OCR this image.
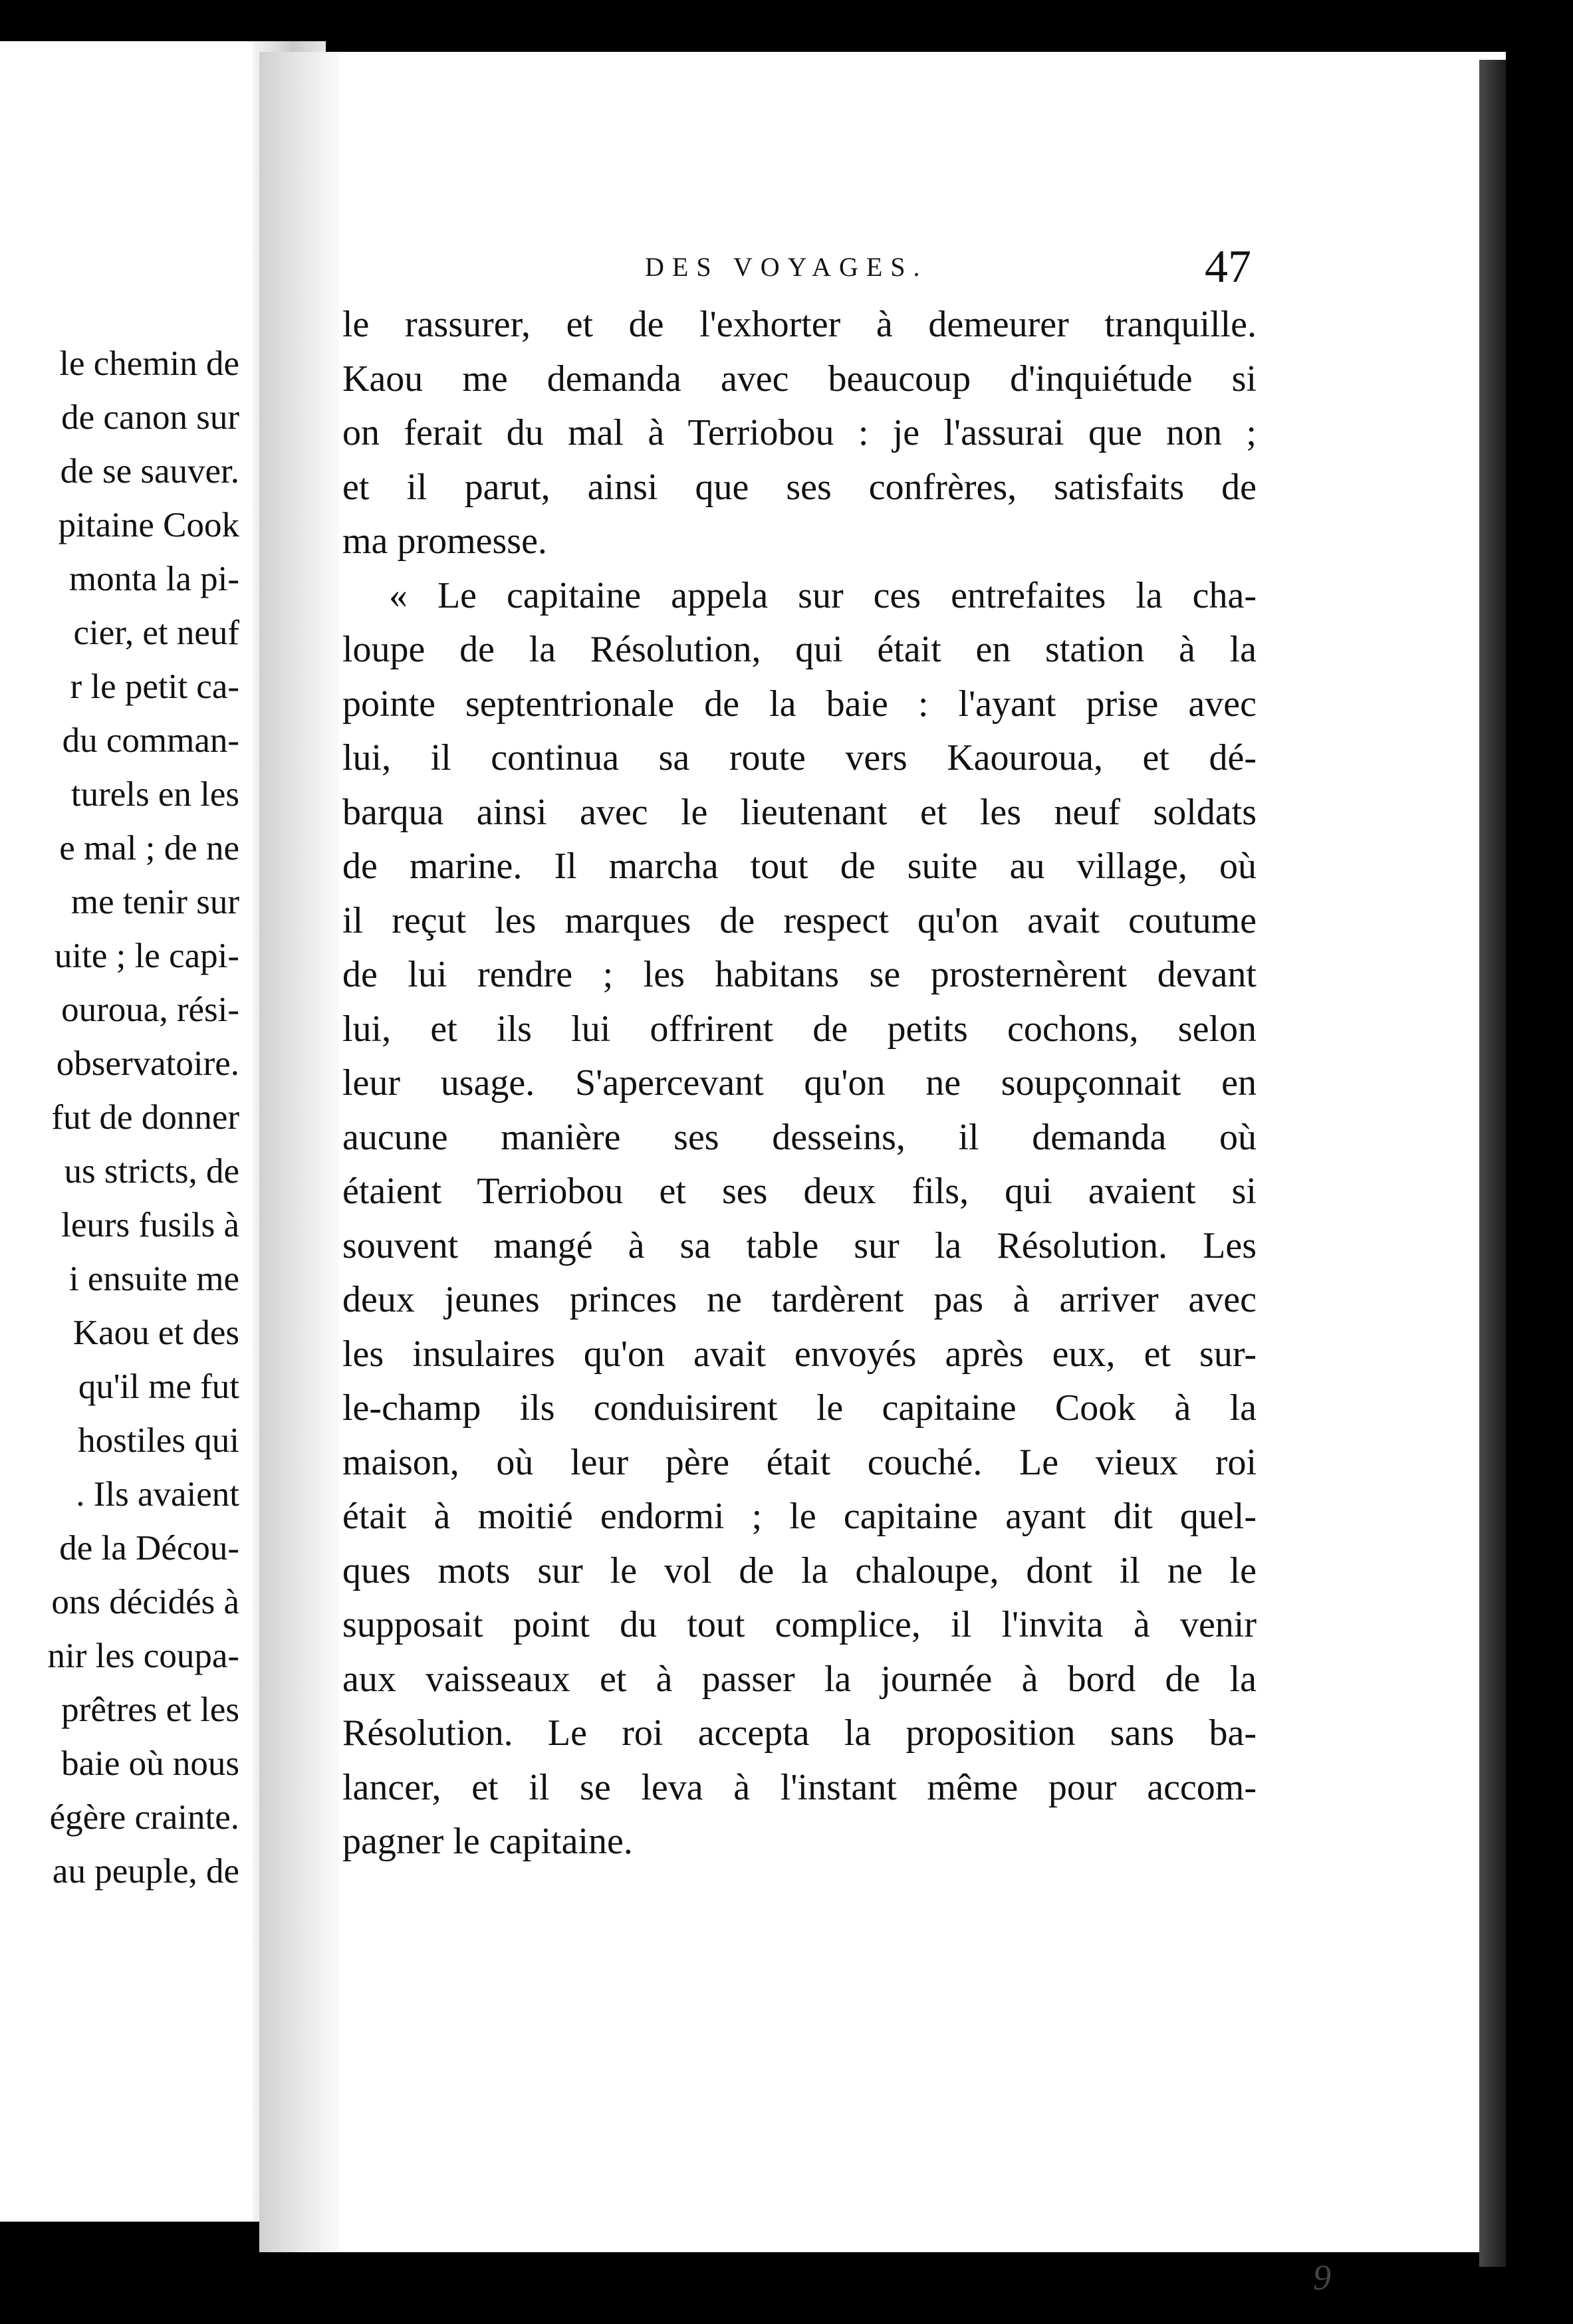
le chemin de
de canon sur
de se sauver.
pitaine Cook
monta la pi-
cier, et neuf
r le petit ca-
du comman-
turels en les
e mal ; de ne
me tenir sur
uite ; le capi-
ouroua, rési-
observatoire.
fut de donner
us stricts, de
leurs fusils à
i ensuite me
Kaou et des
qu'il me fut
hostiles qui
. Ils avaient
de la Décou-
ons décidés à
nir les coupa-
prêtres et les
baie où nous
égère crainte.
au peuple, de
DES VOYAGES.	47
le rassurer, et de l'exhorter à demeurer tranquille.
Kaou me demanda avec beaucoup d'inquiétude si
on ferait du mal à Terriobou : je l'assurai que non ;
et il parut, ainsi que ses confrères, satisfaits de
ma promesse.
« Le capitaine appela sur ces entrefaites la cha-
loupe de la Résolution, qui était en station à la
pointe septentrionale de la baie : l'ayant prise avec
lui, il continua sa route vers Kaouroua, et dé-
barqua ainsi avec le lieutenant et les neuf soldats
de marine. Il marcha tout de suite au village, où
il reçut les marques de respect qu'on avait coutume
de lui rendre ; les habitans se prosternèrent devant
lui, et ils lui offrirent de petits cochons, selon
leur usage. S'apercevant qu'on ne soupçonnait en
aucune manière ses desseins, il demanda où
étaient Terriobou et ses deux fils, qui avaient si
souvent mangé à sa table sur la Résolution. Les
deux jeunes princes ne tardèrent pas à arriver avec
les insulaires qu'on avait envoyés après eux, et sur-
le-champ ils conduisirent le capitaine Cook à la
maison, où leur père était couché. Le vieux roi
était à moitié endormi ; le capitaine ayant dit quel-
ques mots sur le vol de la chaloupe, dont il ne le
supposait point du tout complice, il l'invita à venir
aux vaisseaux et à passer la journée à bord de la
Résolution. Le roi accepta la proposition sans ba-
lancer, et il se leva à l'instant même pour accom-
pagner le capitaine.
9
